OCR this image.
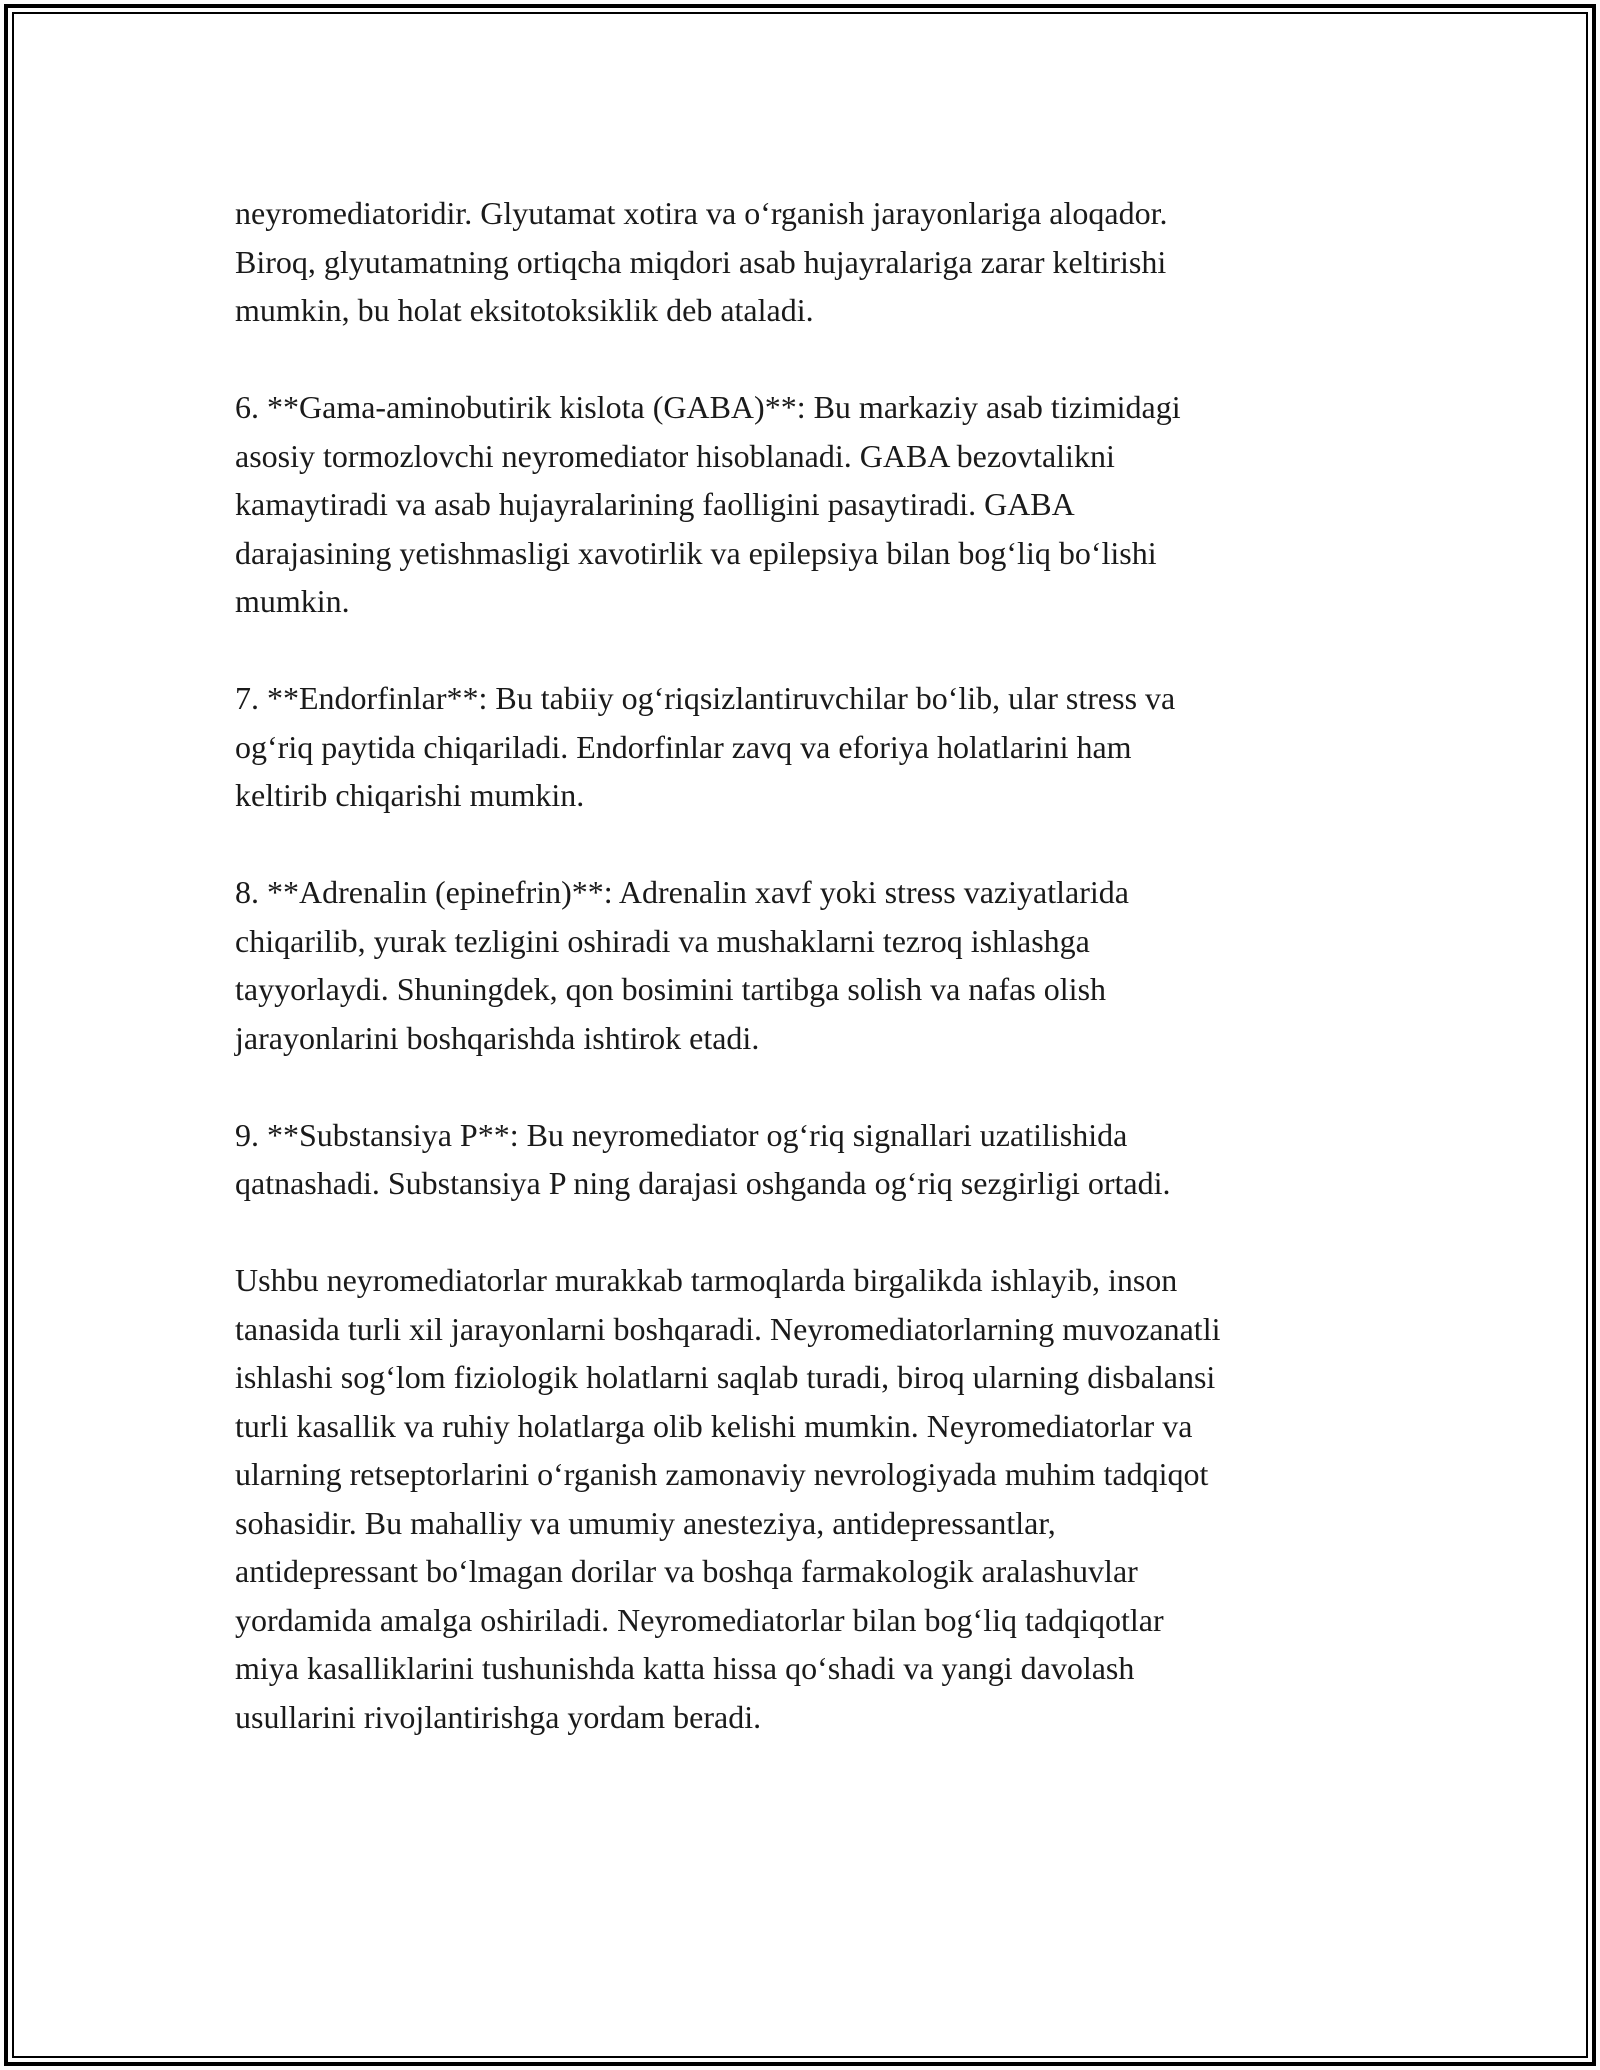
neyromediatoridir. Glyutamat xotira va o‘rganish jarayonlariga aloqador.
Biroq, glyutamatning ortiqcha miqdori asab hujayralariga zarar keltirishi
mumkin, bu holat eksitotoksiklik deb ataladi.

6. **Gama-aminobutirik kislota (GABA)**: Bu markaziy asab tizimidagi
asosiy tormozlovchi neyromediator hisoblanadi. GABA bezovtalikni
kamaytiradi va asab hujayralarining faolligini pasaytiradi. GABA
darajasining yetishmasligi xavotirlik va epilepsiya bilan bog‘liq bo‘lishi
mumkin.

7. **Endorfinlar**: Bu tabiiy og‘riqsizlantiruvchilar bo‘lib, ular stress va
og‘riq paytida chiqariladi. Endorfinlar zavq va eforiya holatlarini ham
keltirib chiqarishi mumkin.

8. **Adrenalin (epinefrin)**: Adrenalin xavf yoki stress vaziyatlarida
chiqarilib, yurak tezligini oshiradi va mushaklarni tezroq ishlashga
tayyorlaydi. Shuningdek, qon bosimini tartibga solish va nafas olish
jarayonlarini boshqarishda ishtirok etadi.

9. **Substansiya P**: Bu neyromediator og‘riq signallari uzatilishida
qatnashadi. Substansiya P ning darajasi oshganda og‘riq sezgirligi ortadi.

Ushbu neyromediatorlar murakkab tarmoqlarda birgalikda ishlayib, inson
tanasida turli xil jarayonlarni boshqaradi. Neyromediatorlarning muvozanatli
ishlashi sog‘lom fiziologik holatlarni saqlab turadi, biroq ularning disbalansi
turli kasallik va ruhiy holatlarga olib kelishi mumkin. Neyromediatorlar va
ularning retseptorlarini o‘rganish zamonaviy nevrologiyada muhim tadqiqot
sohasidir. Bu mahalliy va umumiy anesteziya, antidepressantlar,
antidepressant bo‘lmagan dorilar va boshqa farmakologik aralashuvlar
yordamida amalga oshiriladi. Neyromediatorlar bilan bog‘liq tadqiqotlar
miya kasalliklarini tushunishda katta hissa qo‘shadi va yangi davolash
usullarini rivojlantirishga yordam beradi.
